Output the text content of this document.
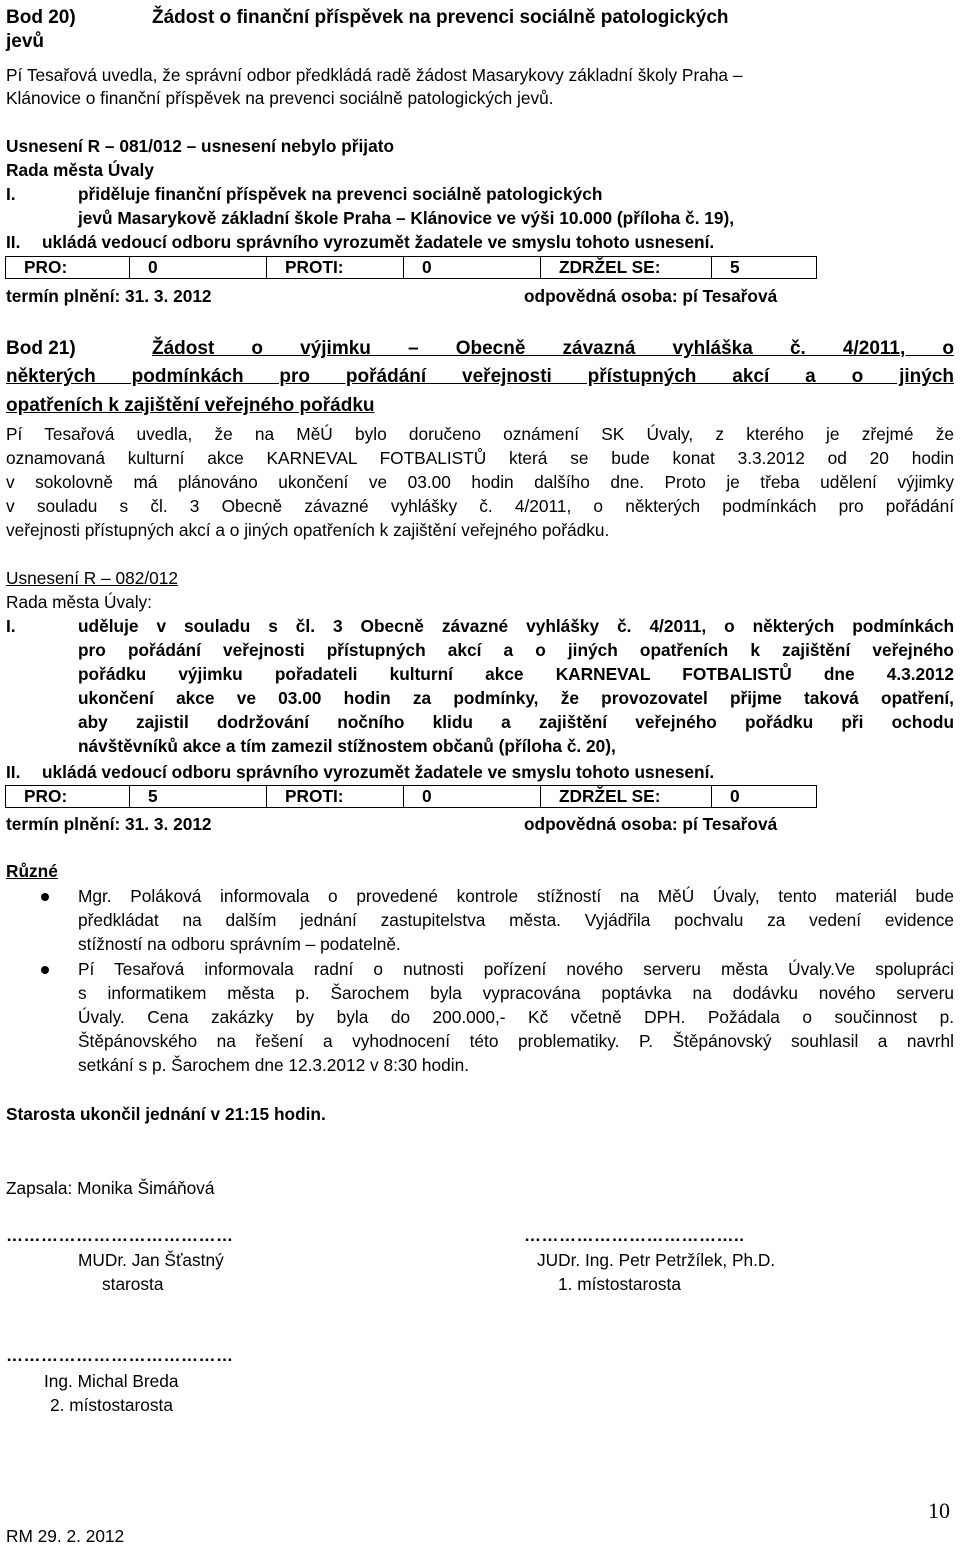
Bod 20)	Žádost o finanční příspěvek na prevenci sociálně patologických
jevů
Pí Tesařová uvedla, že správní odbor předkládá radě žádost Masarykovy základní školy Praha –
Klánovice o finanční příspěvek na prevenci sociálně patologických jevů.
Usnesení R – 081/012 – usnesení nebylo přijato
Rada města Úvaly
I.	přiděluje finanční příspěvek na prevenci sociálně patologických
jevů Masarykově základní škole Praha – Klánovice ve výši 10.000 (příloha č. 19),
II. ukládá vedoucí odboru správního vyrozumět žadatele ve smyslu tohoto usnesení.
PRO:	0	PROTI:	0	ZDRŽEL SE:	5
termín plnění: 31. 3. 2012	odpovědná osoba: pí Tesařová
Bod 21)	Žádost o výjimku – Obecně závazná vyhláška č. 4/2011, o
některých podmínkách pro pořádání veřejnosti přístupných akcí a o jiných
opatřeních k zajištění veřejného pořádku
Pí Tesařová uvedla, že na MěÚ bylo doručeno oznámení SK Úvaly, z kterého je zřejmé že
oznamovaná kulturní akce KARNEVAL FOTBALISTŮ která se bude konat 3.3.2012 od 20 hodin
v sokolovně má plánováno ukončení ve 03.00 hodin dalšího dne. Proto je třeba udělení výjimky
v souladu s čl. 3 Obecně závazné vyhlášky č. 4/2011, o některých podmínkách pro pořádání
veřejnosti přístupných akcí a o jiných opatřeních k zajištění veřejného pořádku.
Usnesení R – 082/012
Rada města Úvaly:
I.	uděluje v souladu s čl. 3 Obecně závazné vyhlášky č. 4/2011, o některých podmínkách
pro pořádání veřejnosti přístupných akcí a o jiných opatřeních k zajištění veřejného
pořádku výjimku pořadateli kulturní akce KARNEVAL FOTBALISTŮ dne 4.3.2012
ukončení akce ve 03.00 hodin za podmínky, že provozovatel přijme taková opatření,
aby zajistil dodržování nočního klidu a zajištění veřejného pořádku při ochodu
návštěvníků akce a tím zamezil stížnostem občanů (příloha č. 20),
II. ukládá vedoucí odboru správního vyrozumět žadatele ve smyslu tohoto usnesení.
PRO:	5	PROTI:	0	ZDRŽEL SE:	0
termín plnění: 31. 3. 2012	odpovědná osoba: pí Tesařová
Různé
Mgr. Poláková informovala o provedené kontrole stížností na MěÚ Úvaly, tento materiál bude
předkládat na dalším jednání zastupitelstva města. Vyjádřila pochvalu za vedení evidence
stížností na odboru správním – podatelně.
Pí Tesařová informovala radní o nutnosti pořízení nového serveru města Úvaly.Ve spolupráci
s informatikem města p. Šarochem byla vypracována poptávka na dodávku nového serveru
Úvaly. Cena zakázky by byla do 200.000,- Kč včetně DPH. Požádala o součinnost p.
Štěpánovského na řešení a vyhodnocení této problematiky. P. Štěpánovský souhlasil a navrhl
setkání s p. Šarochem dne 12.3.2012 v 8:30 hodin.
Starosta ukončil jednání v 21:15 hodin.
Zapsala: Monika Šimáňová
…………………………………	………………………………..
MUDr. Jan Šťastný
starosta
JUDr. Ing. Petr Petržílek, Ph.D.
1. místostarosta
…………………………………
Ing. Michal Breda
2. místostarosta
10
RM 29. 2. 2012
